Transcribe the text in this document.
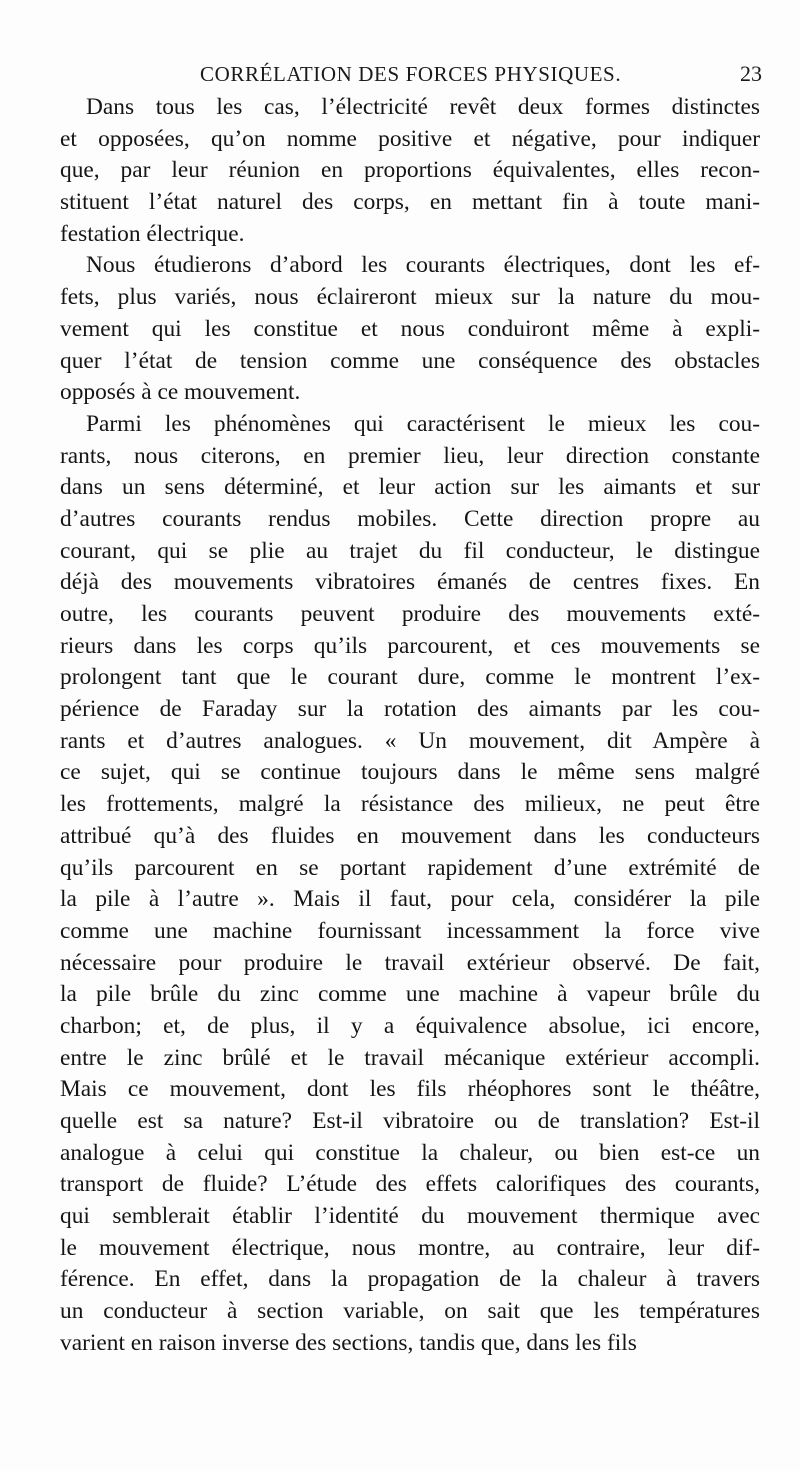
CORRÉLATION DES FORCES PHYSIQUES.	23
Dans tous les cas, l’électricité revêt deux formes distinctes
et opposées, qu’on nomme positive et négative, pour indiquer
que, par leur réunion en proportions équivalentes, elles recon-
stituent l’état naturel des corps, en mettant fin à toute mani-
festation électrique.
Nous étudierons d’abord les courants électriques, dont les ef-
fets, plus variés, nous éclaireront mieux sur la nature du mou-
vement qui les constitue et nous conduiront même à expli-
quer l’état de tension comme une conséquence des obstacles
opposés à ce mouvement.
Parmi les phénomènes qui caractérisent le mieux les cou-
rants, nous citerons, en premier lieu, leur direction constante
dans un sens déterminé, et leur action sur les aimants et sur
d’autres courants rendus mobiles. Cette direction propre au
courant, qui se plie au trajet du fil conducteur, le distingue
déjà des mouvements vibratoires émanés de centres fixes. En
outre, les courants peuvent produire des mouvements exté-
rieurs dans les corps qu’ils parcourent, et ces mouvements se
prolongent tant que le courant dure, comme le montrent l’ex-
périence de Faraday sur la rotation des aimants par les cou-
rants et d’autres analogues. « Un mouvement, dit Ampère à
ce sujet, qui se continue toujours dans le même sens malgré
les frottements, malgré la résistance des milieux, ne peut être
attribué qu’à des fluides en mouvement dans les conducteurs
qu’ils parcourent en se portant rapidement d’une extrémité de
la pile à l’autre ». Mais il faut, pour cela, considérer la pile
comme une machine fournissant incessamment la force vive
nécessaire pour produire le travail extérieur observé. De fait,
la pile brûle du zinc comme une machine à vapeur brûle du
charbon; et, de plus, il y a équivalence absolue, ici encore,
entre le zinc brûlé et le travail mécanique extérieur accompli.
Mais ce mouvement, dont les fils rhéophores sont le théâtre,
quelle est sa nature? Est-il vibratoire ou de translation? Est-il
analogue à celui qui constitue la chaleur, ou bien est-ce un
transport de fluide? L’étude des effets calorifiques des courants,
qui semblerait établir l’identité du mouvement thermique avec
le mouvement électrique, nous montre, au contraire, leur dif-
férence. En effet, dans la propagation de la chaleur à travers
un conducteur à section variable, on sait que les températures
varient en raison inverse des sections, tandis que, dans les fils
